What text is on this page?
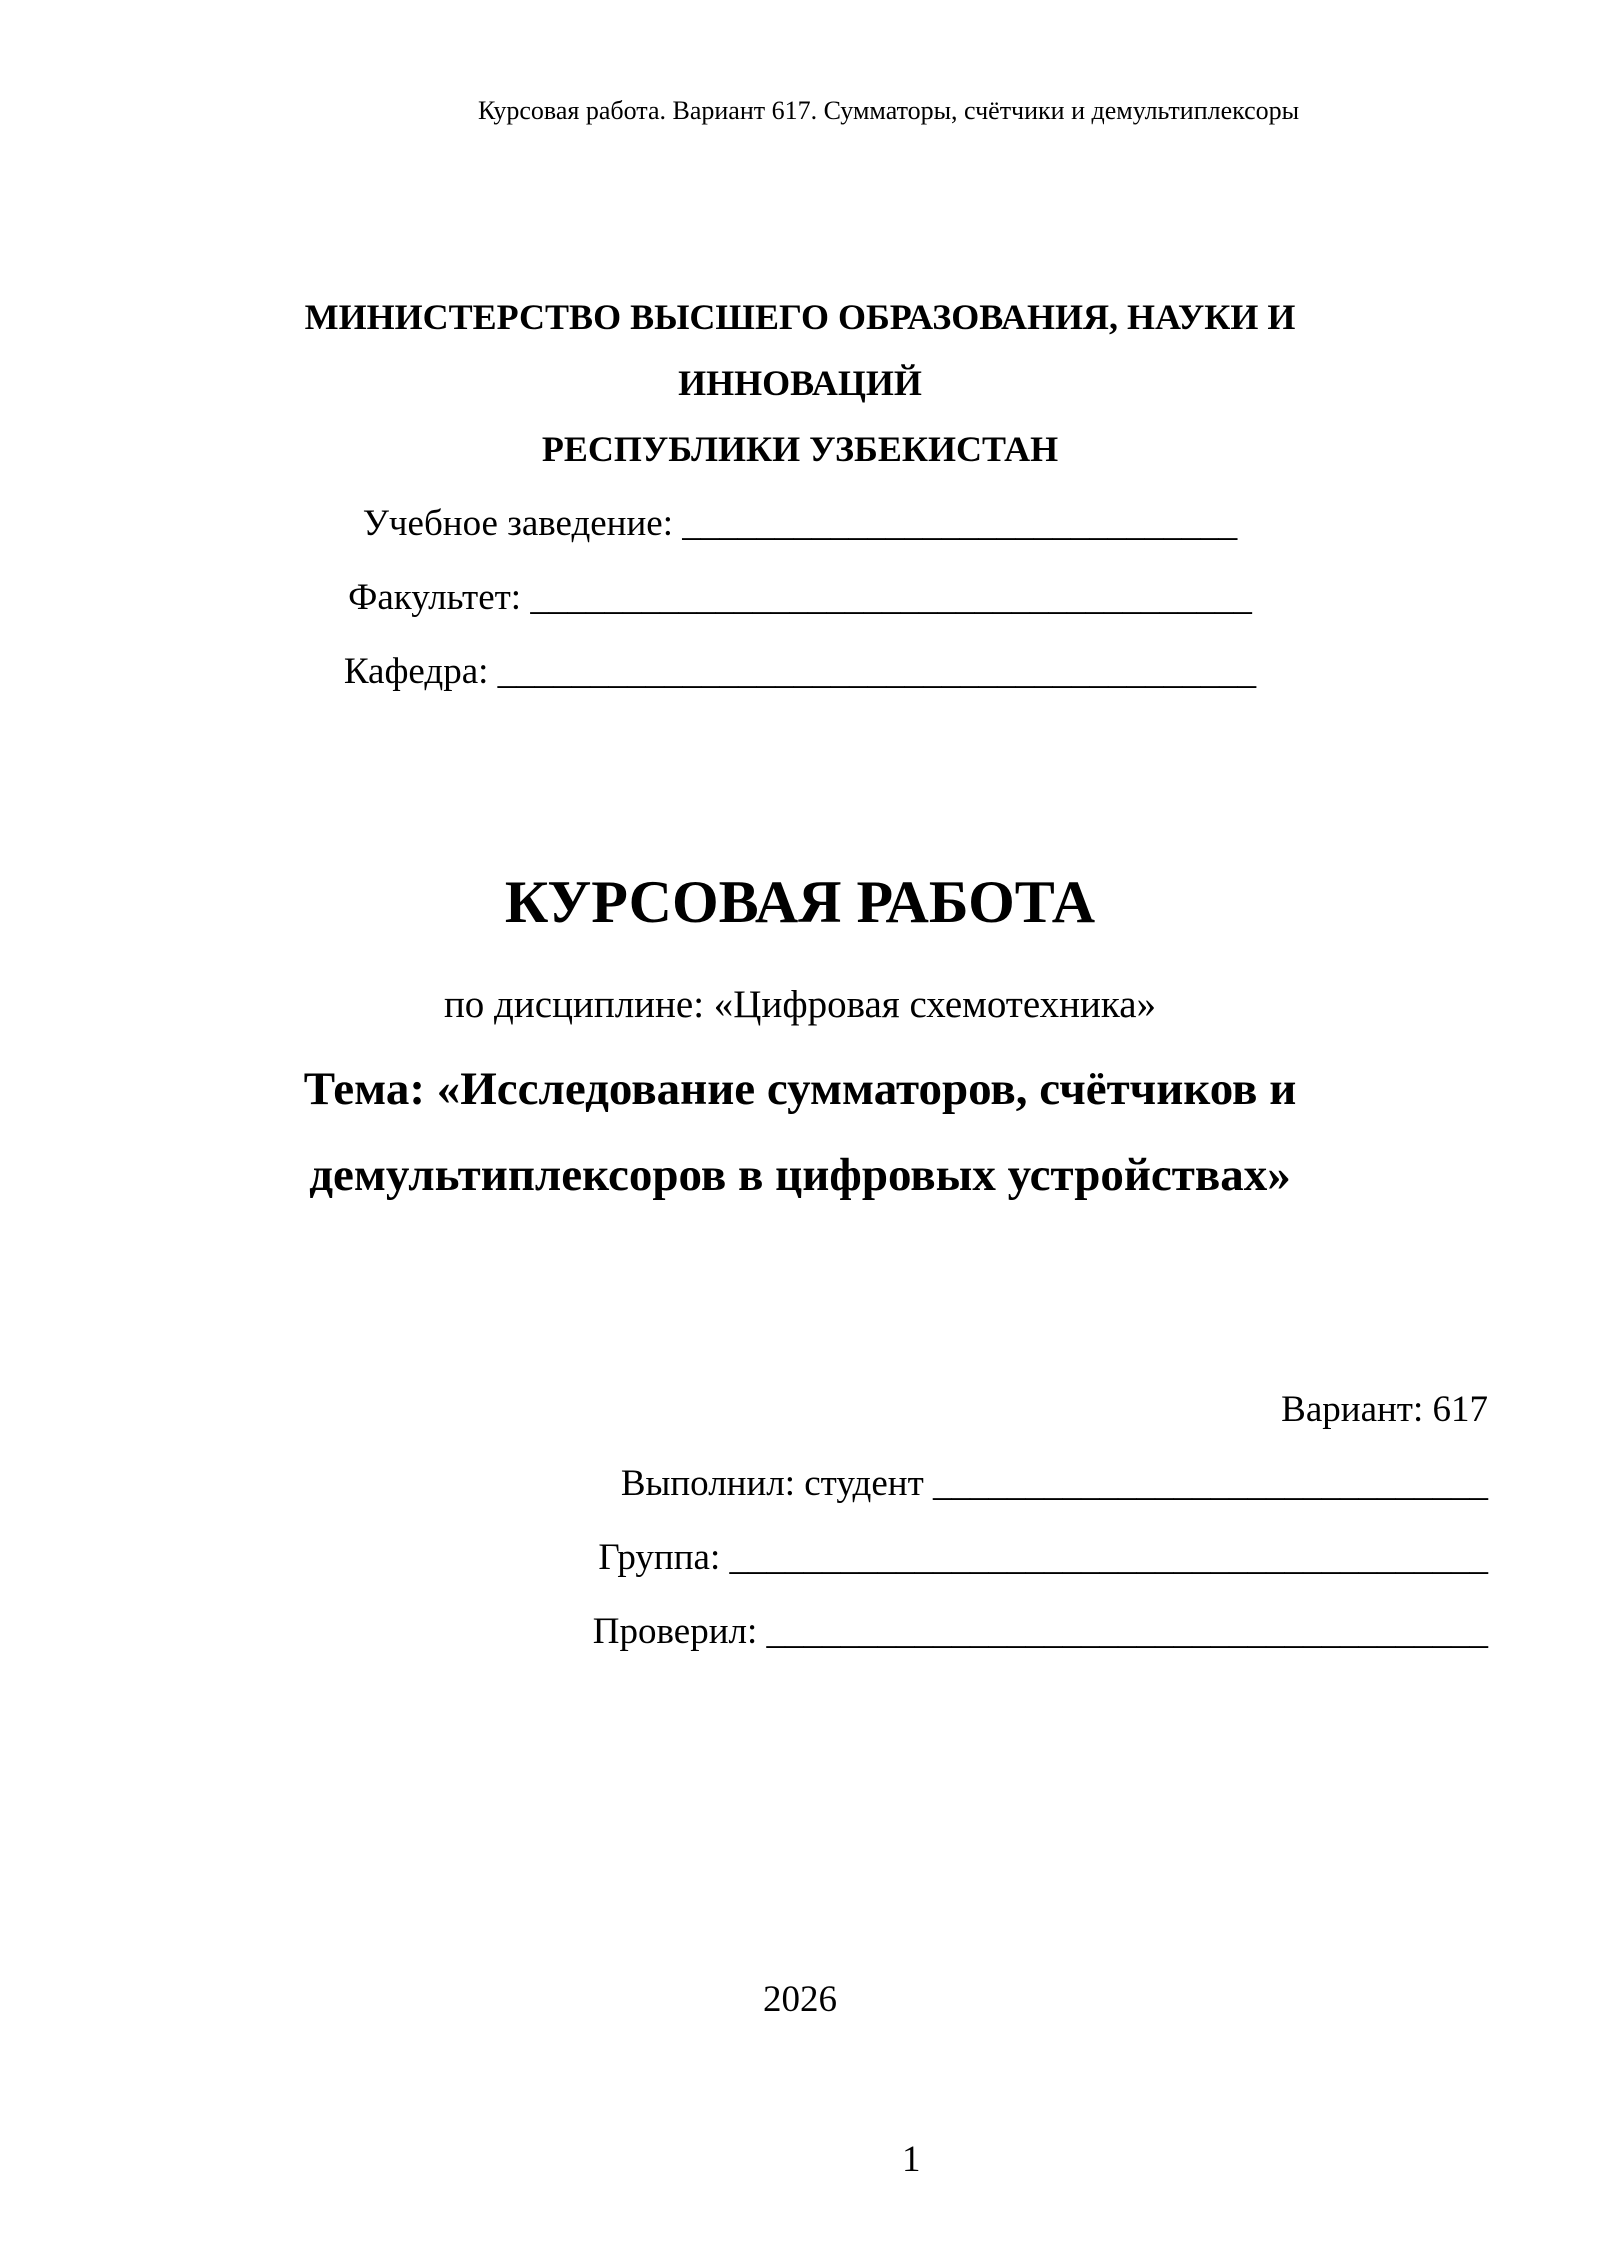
Курсовая работа. Вариант 617. Сумматоры, счётчики и демультиплексоры
МИНИСТЕРСТВО ВЫСШЕГО ОБРАЗОВАНИЯ, НАУКИ И
ИННОВАЦИЙ
РЕСПУБЛИКИ УЗБЕКИСТАН
Учебное заведение: ______________________________
Факультет: _______________________________________
Кафедра: _________________________________________
КУРСОВАЯ РАБОТА
по дисциплине: «Цифровая схемотехника»
Тема: «Исследование сумматоров, счётчиков и
демультиплексоров в цифровых устройствах»
Вариант: 617
Выполнил: студент ______________________________
Группа: _________________________________________
Проверил: _______________________________________
2026
1
